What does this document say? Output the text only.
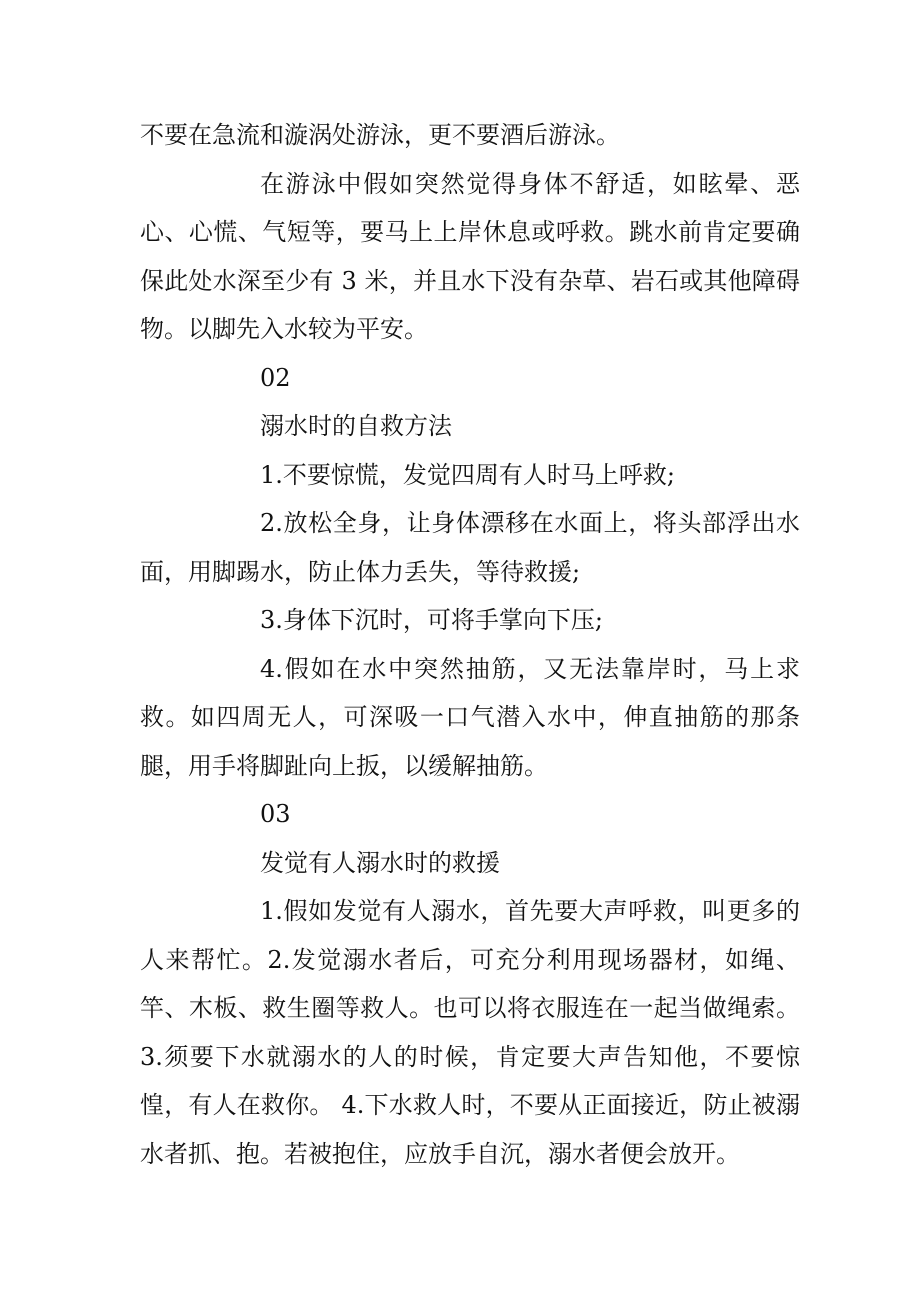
不要在急流和漩涡处游泳，更不要酒后游泳。

在游泳中假如突然觉得身体不舒适，如眩晕、恶心、心慌、气短等，要马上上岸休息或呼救。跳水前肯定要确保此处水深至少有 3 米，并且水下没有杂草、岩石或其他障碍物。以脚先入水较为平安。

02

溺水时的自救方法

1.不要惊慌，发觉四周有人时马上呼救;

2.放松全身，让身体漂移在水面上，将头部浮出水面，用脚踢水，防止体力丢失，等待救援;

3.身体下沉时，可将手掌向下压;

4.假如在水中突然抽筋，又无法靠岸时，马上求救。如四周无人，可深吸一口气潜入水中，伸直抽筋的那条腿，用手将脚趾向上扳，以缓解抽筋。

03

发觉有人溺水时的救援

1.假如发觉有人溺水，首先要大声呼救，叫更多的人来帮忙。2.发觉溺水者后，可充分利用现场器材，如绳、竿、木板、救生圈等救人。也可以将衣服连在一起当做绳索。3.须要下水就溺水的人的时候，肯定要大声告知他，不要惊惶，有人在救你。 4.下水救人时，不要从正面接近，防止被溺水者抓、抱。若被抱住，应放手自沉，溺水者便会放开。
